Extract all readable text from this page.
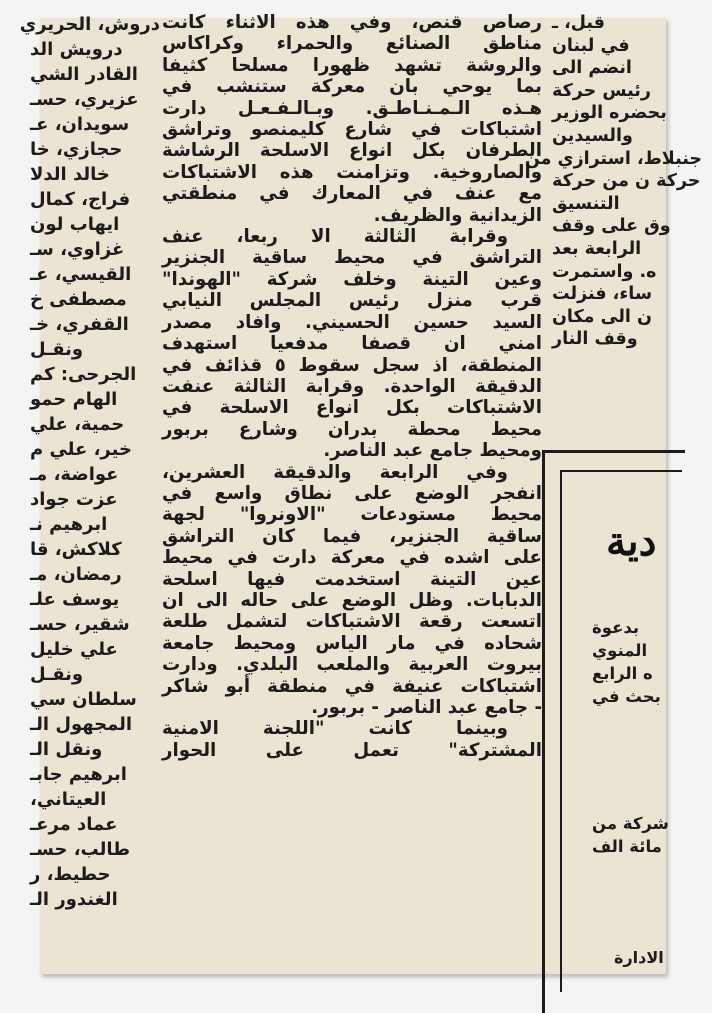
دروش، الحريري
درويش الد
القادر الشي
عزيري، حسـ
سويدان، عـ
حجازي، خا
خالد الدلا
فراج، كمال
ايهاب لون
غزاوي، سـ
القيسي، عـ
مصطفى خ
القفري، خـ
ونقـل
الجرحى: كم
الهام حمو
حمية، علي
خير، علي م
عواضة، مـ
عزت جواد
ابرهيم نـ
كلاكش، قا
رمضان، مـ
يوسف علـ
شقير، حسـ
علي خليل
ونقـل
سلطان سي
المجهول الـ
ونقل الـ
ابرهيم جابـ
العيتاني،
عماد مرعـ
طالب، حسـ
حطيط، ر
الغندور الـ
رصاص قنص، وفي هذه الاثناء كانت
مناطق الصنائع والحمراء وكراكاس
والروشة تشهد ظهورا مسلحا كثيفا
بما يوحي بان معركة ستنشب في
هـذه الـمـنـاطـق. وبـالـفـعـل دارت
اشتباكات في شارع كليمنصو وتراشق
الطرفان بكل انواع الاسلحة الرشاشة
والصاروخية. وتزامنت هذه الاشتباكات
مع عنف في المعارك في منطقتي
الزيدانية والظريف.
وقرابة الثالثة الا ربعا، عنف
التراشق في محيط ساقية الجنزير
وعين التينة وخلف شركة "الهوندا"
قرب منزل رئيس المجلس النيابي
السيد حسين الحسيني. وافاد مصدر
امني ان قصفا مدفعيا استهدف
المنطقة، اذ سجل سقوط ٥ قذائف في
الدقيقة الواحدة. وقرابة الثالثة عنفت
الاشتباكات بكل انواع الاسلحة في
محيط محطة بدران وشارع بربور
ومحيط جامع عبد الناصر.
وفي الرابعة والدقيقة العشرين،
انفجر الوضع على نطاق واسع في
محيط مستودعات "الاونروا" لجهة
ساقية الجنزير، فيما كان التراشق
على اشده في معركة دارت في محيط
عين التينة استخدمت فيها اسلحة
الدبابات. وظل الوضع على حاله الى ان
اتسعت رقعة الاشتباكات لتشمل طلعة
شحاده في مار الياس ومحيط جامعة
بيروت العربية والملعب البلدي. ودارت
اشتباكات عنيفة في منطقة أبو شاكر
- جامع عبد الناصر - بربور.
وبينما كانت "اللجنة الامنية
المشتركة" تعمل على الحوار
قبل، ـ
في لبنان
انضم الى
رئيس حركة
بحضره الوزير
والسيدين
جنبلاط، استرازي من
حركة ن من حركة
التنسيق
وق على وقف
الرابعة بعد
ه. واستمرت
ساء، فنزلت
ن الى مكان
وقف النار
دية
بدعوة
المنوي
ه الرابع
بحث في
شركة من
مائة الف
الادارة
